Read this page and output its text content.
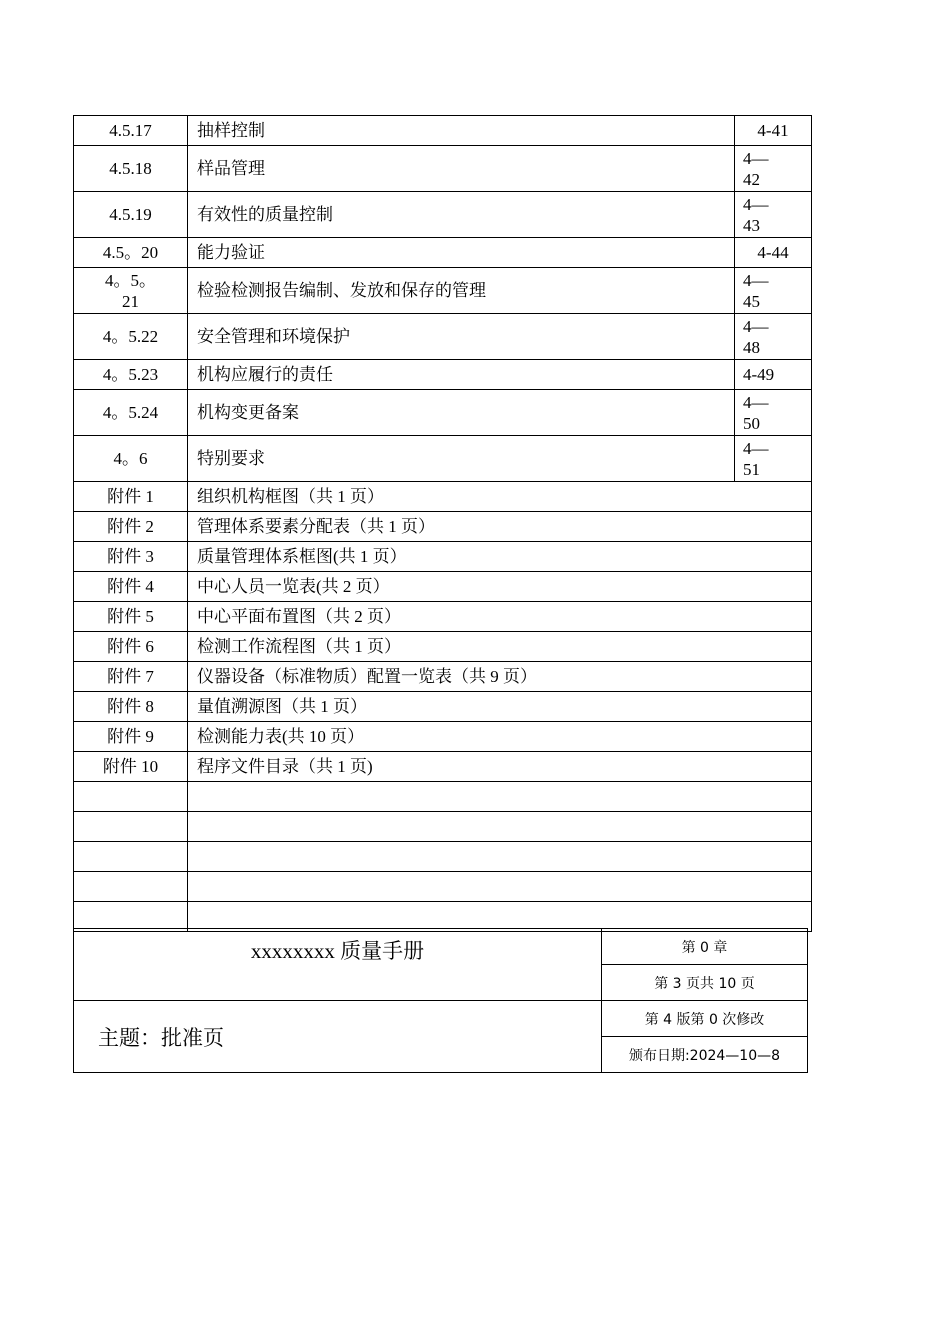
4.5.17	抽样控制	4-41
4.5.18	样品管理	4—42

4.5.19	有效性的质量控制	4—43

4.5。20	能力验证	4-44

4。5。21	检验检测报告编制、发放和保存的管理	4—45

4。5.22	安全管理和环境保护	4—48

4。5.23	机构应履行的责任	4-49
4。5.24	机构变更备案	4—50

4。6	特别要求	4—51

附件 1	组织机构框图（共 1 页）	
附件 2	管理体系要素分配表（共 1 页）	
附件 3	质量管理体系框图(共 1 页）	
附件 4	中心人员一览表(共 2 页）	
附件 5	中心平面布置图（共 2 页）	
附件 6	检测工作流程图（共 1 页）	
附件 7	仪器设备（标准物质）配置一览表（共 9 页）	
附件 8	量值溯源图（共 1 页）	
附件 9	检测能力表(共 10 页）	
附件 10	程序文件目录（共 1 页)	

xxxxxxxx 质量手册	第 0 章
	第 3 页共 10 页
主题：批准页	第 4 版第 0 次修改
	颁布日期:2024—10—8
